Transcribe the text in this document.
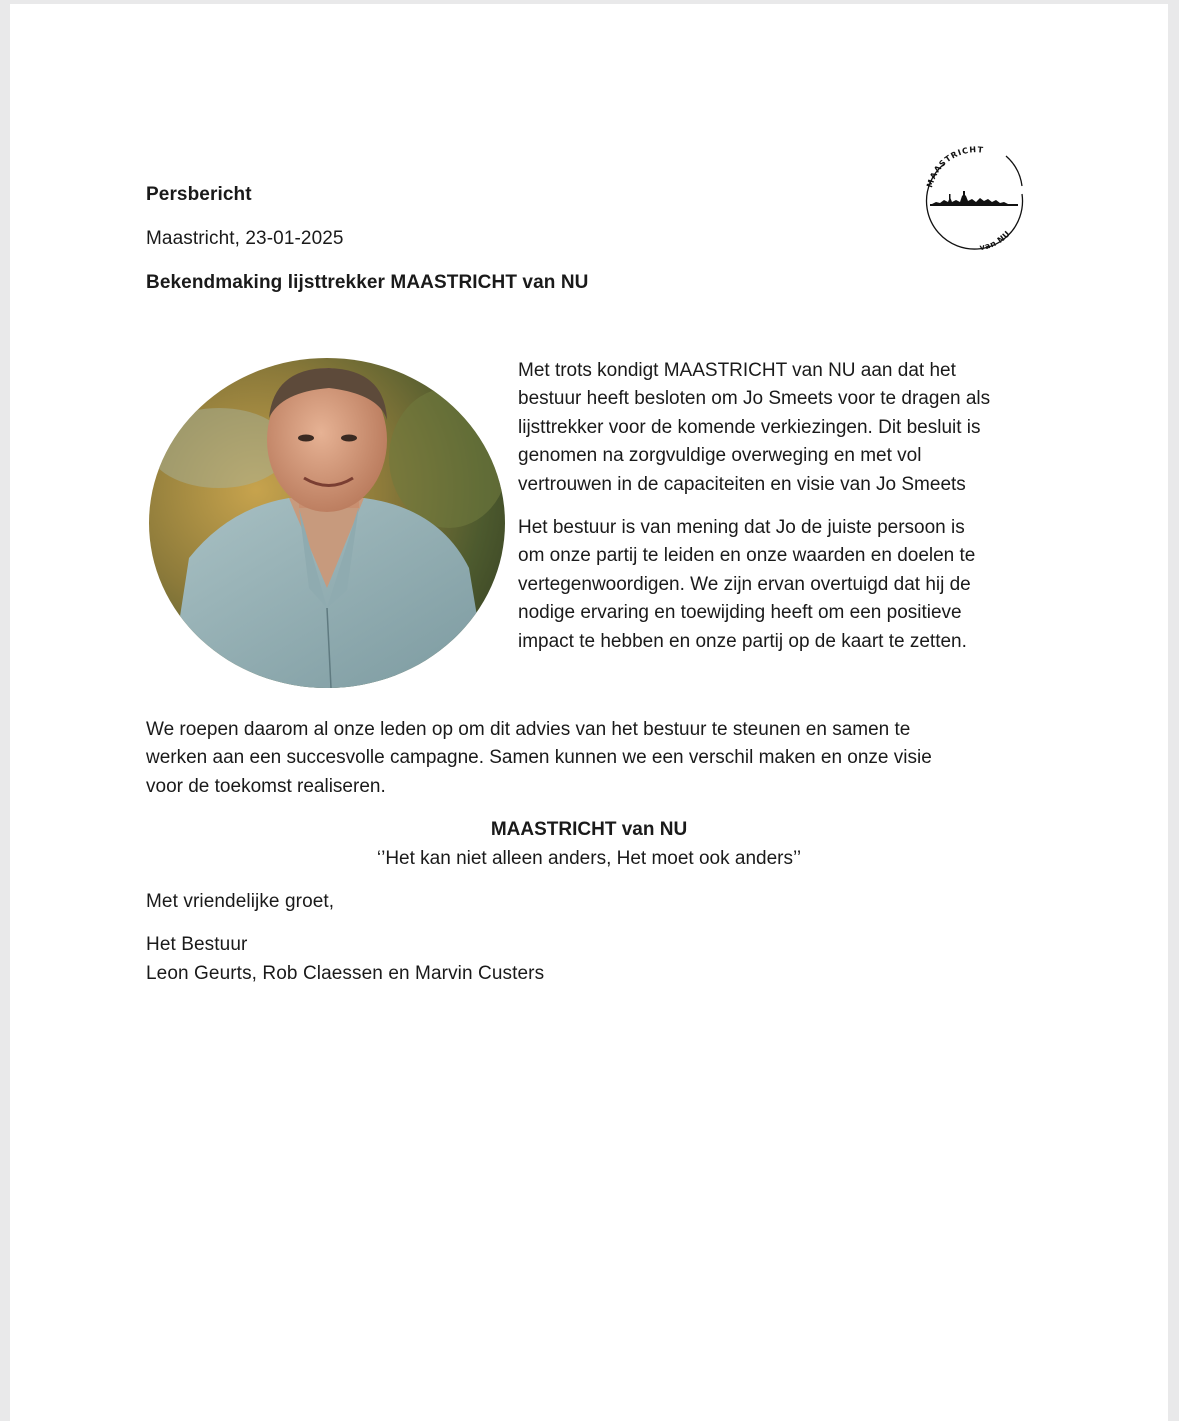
Persbericht
Maastricht, 23-01-2025
Bekendmaking lijsttrekker MAASTRICHT van NU
MAASTRICHT
van NU
Met trots kondigt MAASTRICHT van NU aan dat het
bestuur heeft besloten om Jo Smeets voor te dragen als
lijsttrekker voor de komende verkiezingen. Dit besluit is
genomen na zorgvuldige overweging en met vol
vertrouwen in de capaciteiten en visie van Jo Smeets
Het bestuur is van mening dat Jo de juiste persoon is
om onze partij te leiden en onze waarden en doelen te
vertegenwoordigen. We zijn ervan overtuigd dat hij de
nodige ervaring en toewijding heeft om een positieve
impact te hebben en onze partij op de kaart te zetten.
We roepen daarom al onze leden op om dit advies van het bestuur te steunen en samen te
werken aan een succesvolle campagne. Samen kunnen we een verschil maken en onze visie
voor de toekomst realiseren.
MAASTRICHT van NU
‘’Het kan niet alleen anders, Het moet ook anders’’
Met vriendelijke groet,
Het Bestuur
Leon Geurts, Rob Claessen en Marvin Custers
